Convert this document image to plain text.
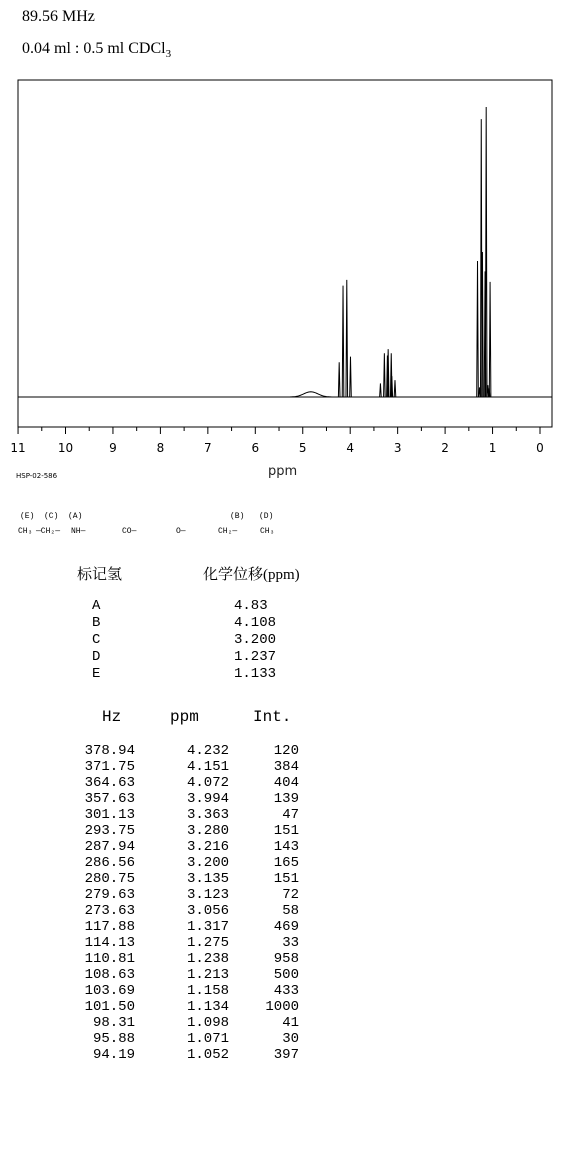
89.56 MHz
0.04 ml : 0.5 ml CDCl$_3$
11	10	9	8	7	6	5	4	3	2	1	0
ppm
HSP-02-586
(E) (C) (A)	(B) (D)
CH₃ —CH₂— NH—	CO—	O—	CH₂—	CH₃
标记氢	化学位移(ppm)
A	4.83
B	4.108
C	3.200
D	1.237
E	1.133
Hz	ppm	Int.
378.94	4.232	120
371.75	4.151	384
364.63	4.072	404
357.63	3.994	139
301.13	3.363	47
293.75	3.280	151
287.94	3.216	143
286.56	3.200	165
280.75	3.135	151
279.63	3.123	72
273.63	3.056	58
117.88	1.317	469
114.13	1.275	33
110.81	1.238	958
108.63	1.213	500
103.69	1.158	433
101.50	1.134	1000
98.31	1.098	41
95.88	1.071	30
94.19	1.052	397
